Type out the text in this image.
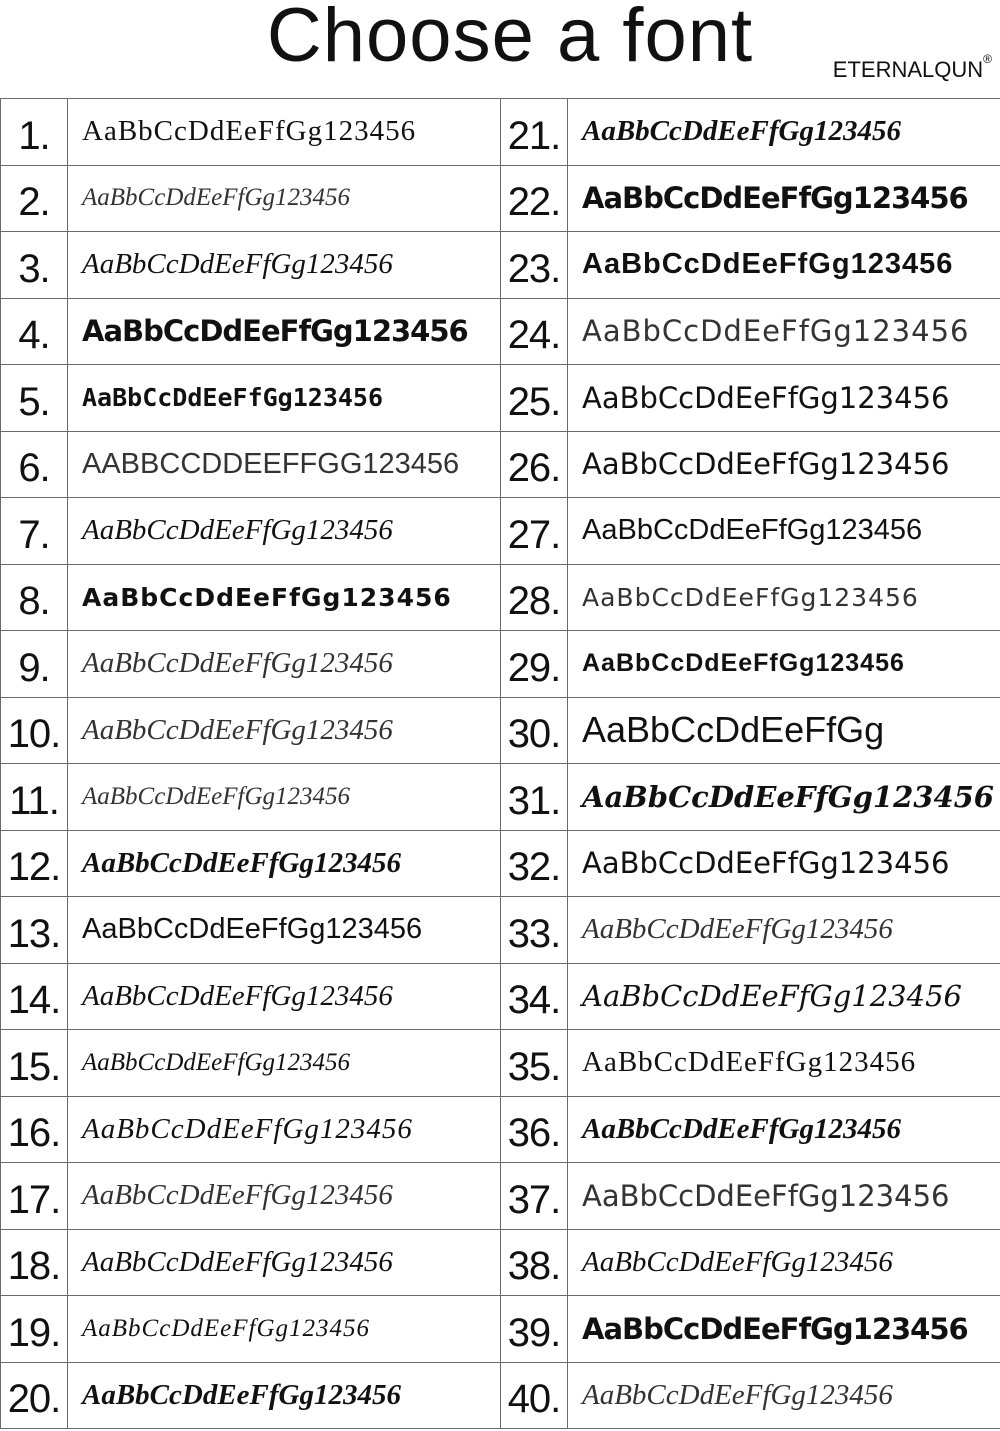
Choose a font	ETERNALQUN®
1.	AaBbCcDdEeFfGg123456	21.	AaBbCcDdEeFfGg123456
2.	AaBbCcDdEeFfGg123456	22.	AaBbCcDdEeFfGg123456
3.	AaBbCcDdEeFfGg123456	23.	AaBbCcDdEeFfGg123456
4.	AaBbCcDdEeFfGg123456	24.	AaBbCcDdEeFfGg123456
5.	AaBbCcDdEeFfGg123456	25.	AaBbCcDdEeFfGg123456
6.	AABBCCDDEEFFGG123456	26.	AaBbCcDdEeFfGg123456
7.	AaBbCcDdEeFfGg123456	27.	AaBbCcDdEeFfGg123456
8.	AaBbCcDdEeFfGg123456	28.	AaBbCcDdEeFfGg123456
9.	AaBbCcDdEeFfGg123456	29.	AaBbCcDdEeFfGg123456
10.	AaBbCcDdEeFfGg123456	30.	AaBbCcDdEeFfGg
11.	AaBbCcDdEeFfGg123456	31.	AaBbCcDdEeFfGg123456
12.	AaBbCcDdEeFfGg123456	32.	AaBbCcDdEeFfGg123456
13.	AaBbCcDdEeFfGg123456	33.	AaBbCcDdEeFfGg123456
14.	AaBbCcDdEeFfGg123456	34.	AaBbCcDdEeFfGg123456
15.	AaBbCcDdEeFfGg123456	35.	AaBbCcDdEeFfGg123456
16.	AaBbCcDdEeFfGg123456	36.	AaBbCcDdEeFfGg123456
17.	AaBbCcDdEeFfGg123456	37.	AaBbCcDdEeFfGg123456
18.	AaBbCcDdEeFfGg123456	38.	AaBbCcDdEeFfGg123456
19.	AaBbCcDdEeFfGg123456	39.	AaBbCcDdEeFfGg123456
20.	AaBbCcDdEeFfGg123456	40.	AaBbCcDdEeFfGg123456
